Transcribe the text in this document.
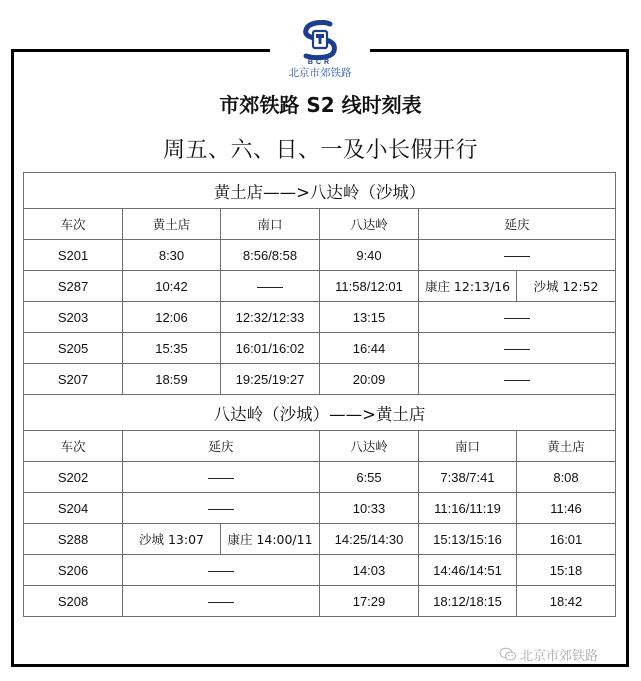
BCR
北京市郊铁路
市郊铁路 S2 线时刻表
周五、六、日、一及小长假开行
黄土店——>八达岭（沙城）					
车次	黄土店	南口	八达岭	延庆	
S201	8:30	8:56/8:58	9:40		
S287	10:42		11:58/12:01	康庄 12:13/16	沙城 12:52
S203	12:06	12:32/12:33	13:15		
S205	15:35	16:01/16:02	16:44		
S207	18:59	19:25/19:27	20:09		
八达岭（沙城）——>黄土店					
车次	延庆		八达岭	南口	黄土店
S202			6:55	7:38/7:41	8:08
S204			10:33	11:16/11:19	11:46
S288	沙城 13:07	康庄 14:00/11	14:25/14:30	15:13/15:16	16:01
S206			14:03	14:46/14:51	15:18
S208			17:29	18:12/18:15	18:42
北京市郊铁路
